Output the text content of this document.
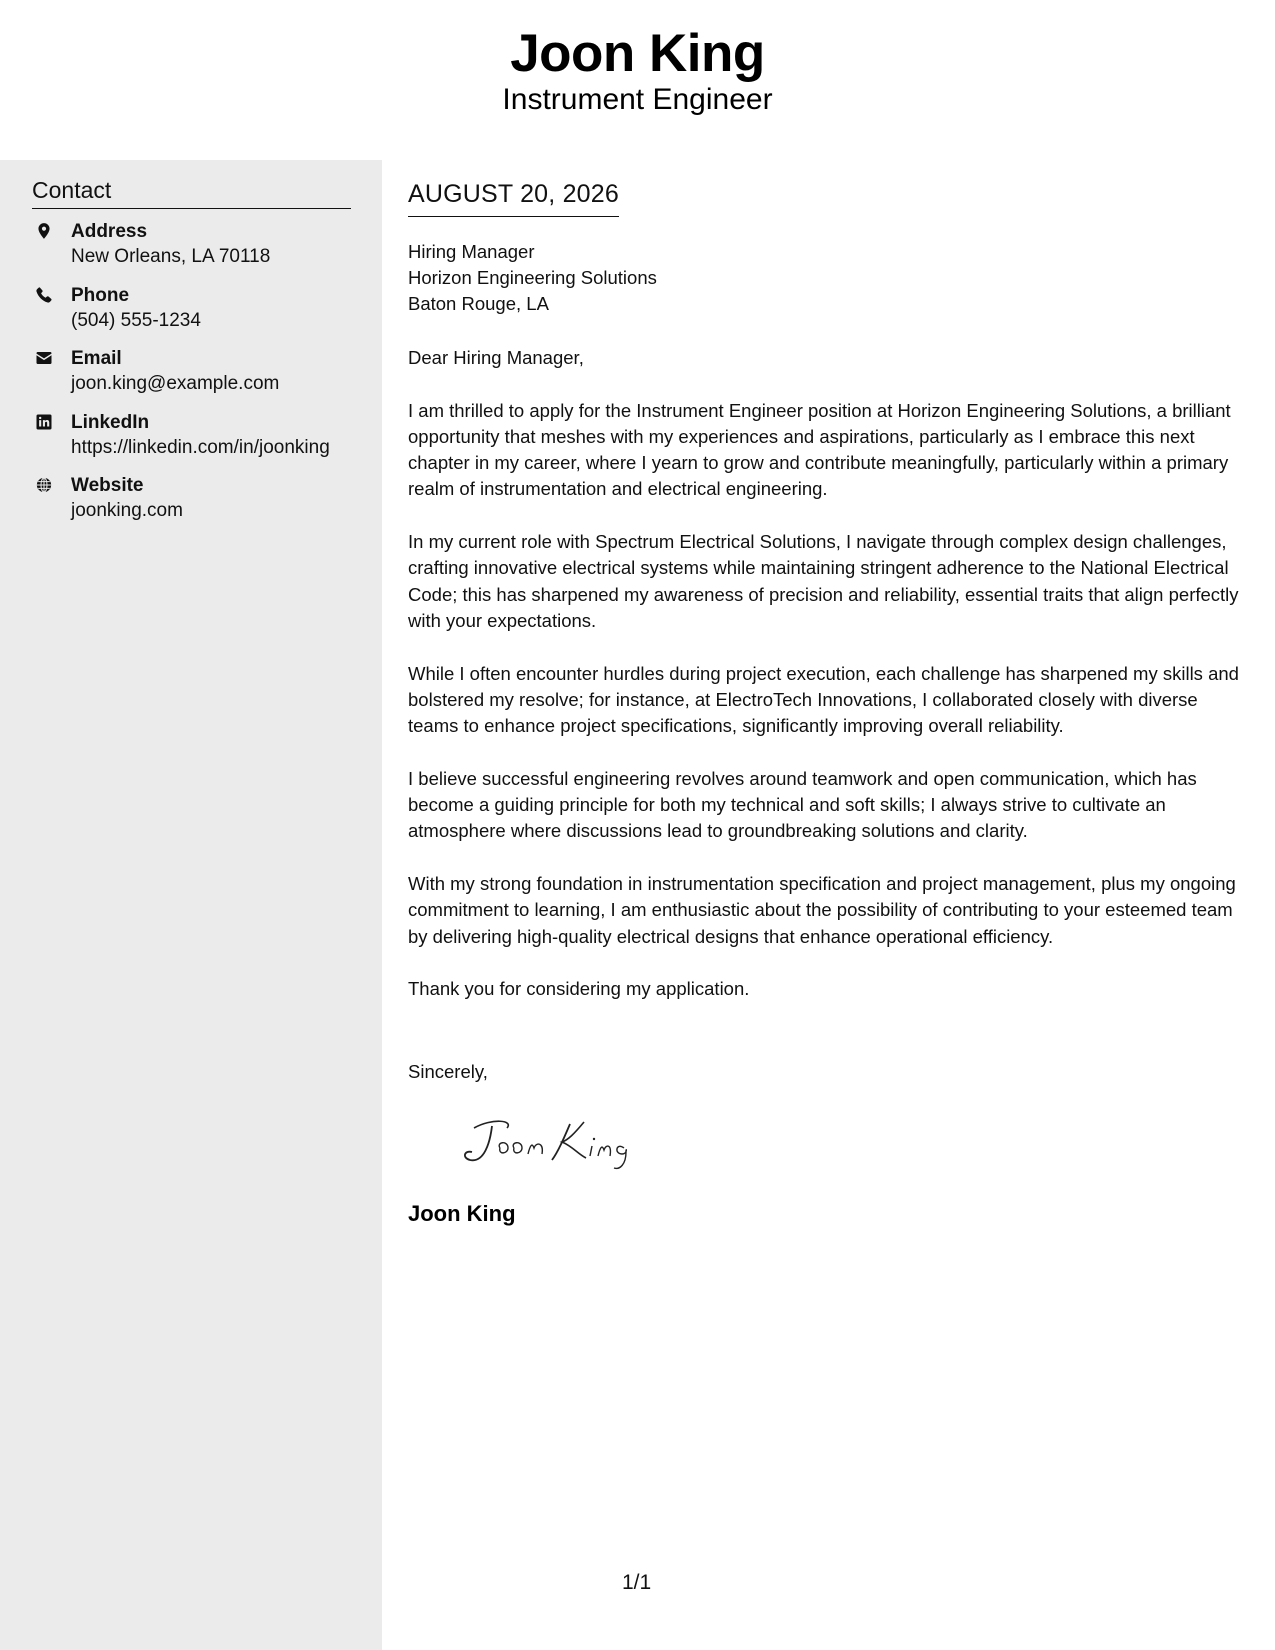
Joon King
Instrument Engineer
Contact
Address
New Orleans, LA 70118
Phone
(504) 555-1234
Email
joon.king@example.com
LinkedIn
https://linkedin.com/in/joonking
Website
joonking.com
AUGUST 20, 2026
Hiring Manager
Horizon Engineering Solutions
Baton Rouge, LA

Dear Hiring Manager,

I am thrilled to apply for the Instrument Engineer position at Horizon Engineering Solutions, a brilliant opportunity that meshes with my experiences and aspirations, particularly as I embrace this next chapter in my career, where I yearn to grow and contribute meaningfully, particularly within a primary realm of instrumentation and electrical engineering.

In my current role with Spectrum Electrical Solutions, I navigate through complex design challenges, crafting innovative electrical systems while maintaining stringent adherence to the National Electrical Code; this has sharpened my awareness of precision and reliability, essential traits that align perfectly with your expectations.

While I often encounter hurdles during project execution, each challenge has sharpened my skills and bolstered my resolve; for instance, at ElectroTech Innovations, I collaborated closely with diverse teams to enhance project specifications, significantly improving overall reliability.

I believe successful engineering revolves around teamwork and open communication, which has become a guiding principle for both my technical and soft skills; I always strive to cultivate an atmosphere where discussions lead to groundbreaking solutions and clarity.

With my strong foundation in instrumentation specification and project management, plus my ongoing commitment to learning, I am enthusiastic about the possibility of contributing to your esteemed team by delivering high-quality electrical designs that enhance operational efficiency.

Thank you for considering my application.

Sincerely,
Joon King
1/1
